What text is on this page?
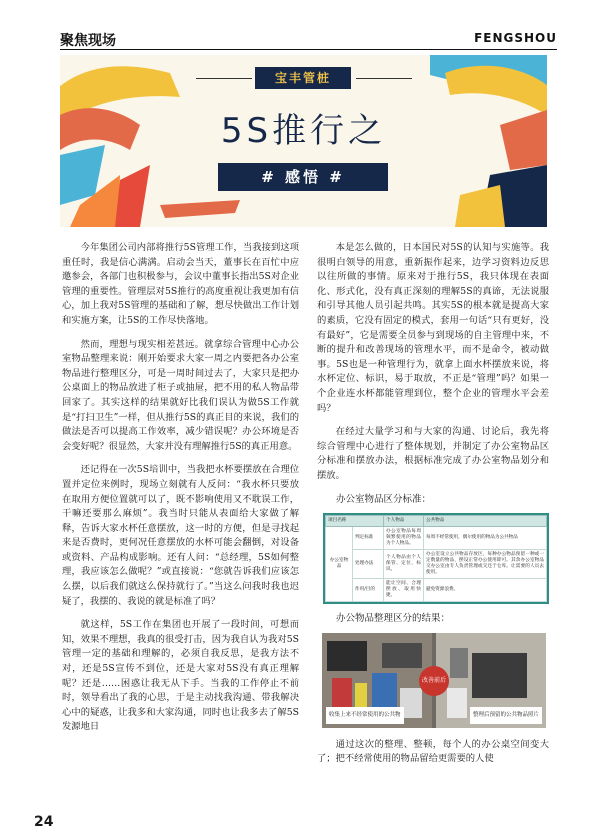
聚焦现场	FENGSHOU
宝丰管桩
5S推行之
# 感悟 #

今年集团公司内部将推行5S管理工作，当我接到这项重任时，我是信心满满。启动会当天，董事长在百忙中应邀参会，各部门也积极参与，会议中董事长指出5S对企业管理的重要性。管理层对5S推行的高度重视让我更加有信心，加上我对5S管理的基础和了解，想尽快做出工作计划和实施方案，让5S的工作尽快落地。

然而，理想与现实相差甚远。就拿综合管理中心办公室物品整理来说：刚开始要求大家一周之内要把各办公室物品进行整理区分，可是一周时间过去了，大家只是把办公桌面上的物品放进了柜子或抽屉，把不用的私人物品带回家了。其实这样的结果就好比我们误认为做5S工作就是“打扫卫生”一样，但从推行5S的真正目的来说，我们的做法是否可以提高工作效率，减少错误呢？办公环境是否会变好呢？很显然，大家并没有理解推行5S的真正用意。

还记得在一次5S培训中，当我把水杯要摆放在合理位置并定位来例时，现场立刻就有人反问：“我水杯只要放在取用方便位置就可以了，既不影响使用又不耽误工作，干嘛还要那么麻烦”。我当时只能从表面给大家做了解释，告诉大家水杯任意摆放，这一时的方便，但是寻找起来是否费时，更何况任意摆放的水杯可能会翻倒，对设备或资料、产品构成影响。还有人问：“总经理，5S如何整理，我应该怎么做呢？”或直接说：“您就告诉我们应该怎么摆，以后我们就这么保持就行了。”当这么问我时我也迟疑了，我摆的、我说的就是标准了吗？

就这样，5S工作在集团也开展了一段时间，可想而知，效果不理想，我真的很受打击，因为我自认为我对5S管理一定的基础和理解的，必须自我反思，是我方法不对，还是5S宣传不到位，还是大家对5S没有真正理解呢？还是……困惑让我无从下手。当我的工作停止不前时，领导看出了我的心思，于是主动找我沟通、带我解决心中的疑惑，让我多和大家沟通，同时也让我多去了解5S发源地日

本是怎么做的，日本国民对5S的认知与实施等。我很明白领导的用意，重新振作起来，边学习资料边反思以往所做的事情。原来对于推行5S，我只体现在表面化、形式化，没有真正深刻的理解5S的真谛，无法说服和引导其他人员引起共鸣。其实5S的根本就是提高大家的素质，它没有固定的模式，套用一句话“只有更好，没有最好”，它是需要全员参与到现场的自主管理中来，不断的提升和改善现场的管理水平，而不是命令，被动做事。5S也是一种管理行为，就拿上面水杯摆放来说，将水杯定位、标识，易于取放，不正是“管理”吗？如果一个企业连水杯都能管理到位，整个企业的管理水平会差吗？

在经过大量学习和与大家的沟通、讨论后，我先将综合管理中心进行了整体规划，并制定了办公室物品区分标准和摆放办法，根据标准完成了办公室物品划分和摆放。

办公室物品区分标准：
项目名称		个人物品	公共物品
办公室物品	判定标准	办公室物品每周频繁使用的物品为个人物品。	每周不经常使用，偶尔使用的物品为公共物品
	处理办法	个人物品由个人保管、定位、标识。	办公室设立公共物品存放区，每种办公物品预留一种或一定数量的物品，摆设正常办公使用即可。其余办公室物品交办公室由专人负责管理或交还于仓库。让需要的人员去使用。
	作用/目的	能让空间、合理摆放、取用快捷。	避免资源浪费。
办公物品整理区分的结果：
改善前后
收集上来不经常使用的公共物	整理后预留的公共物品照片

通过这次的整理、整顿，每个人的办公桌空间变大了；把不经常使用的物品留给更需要的人使

24
